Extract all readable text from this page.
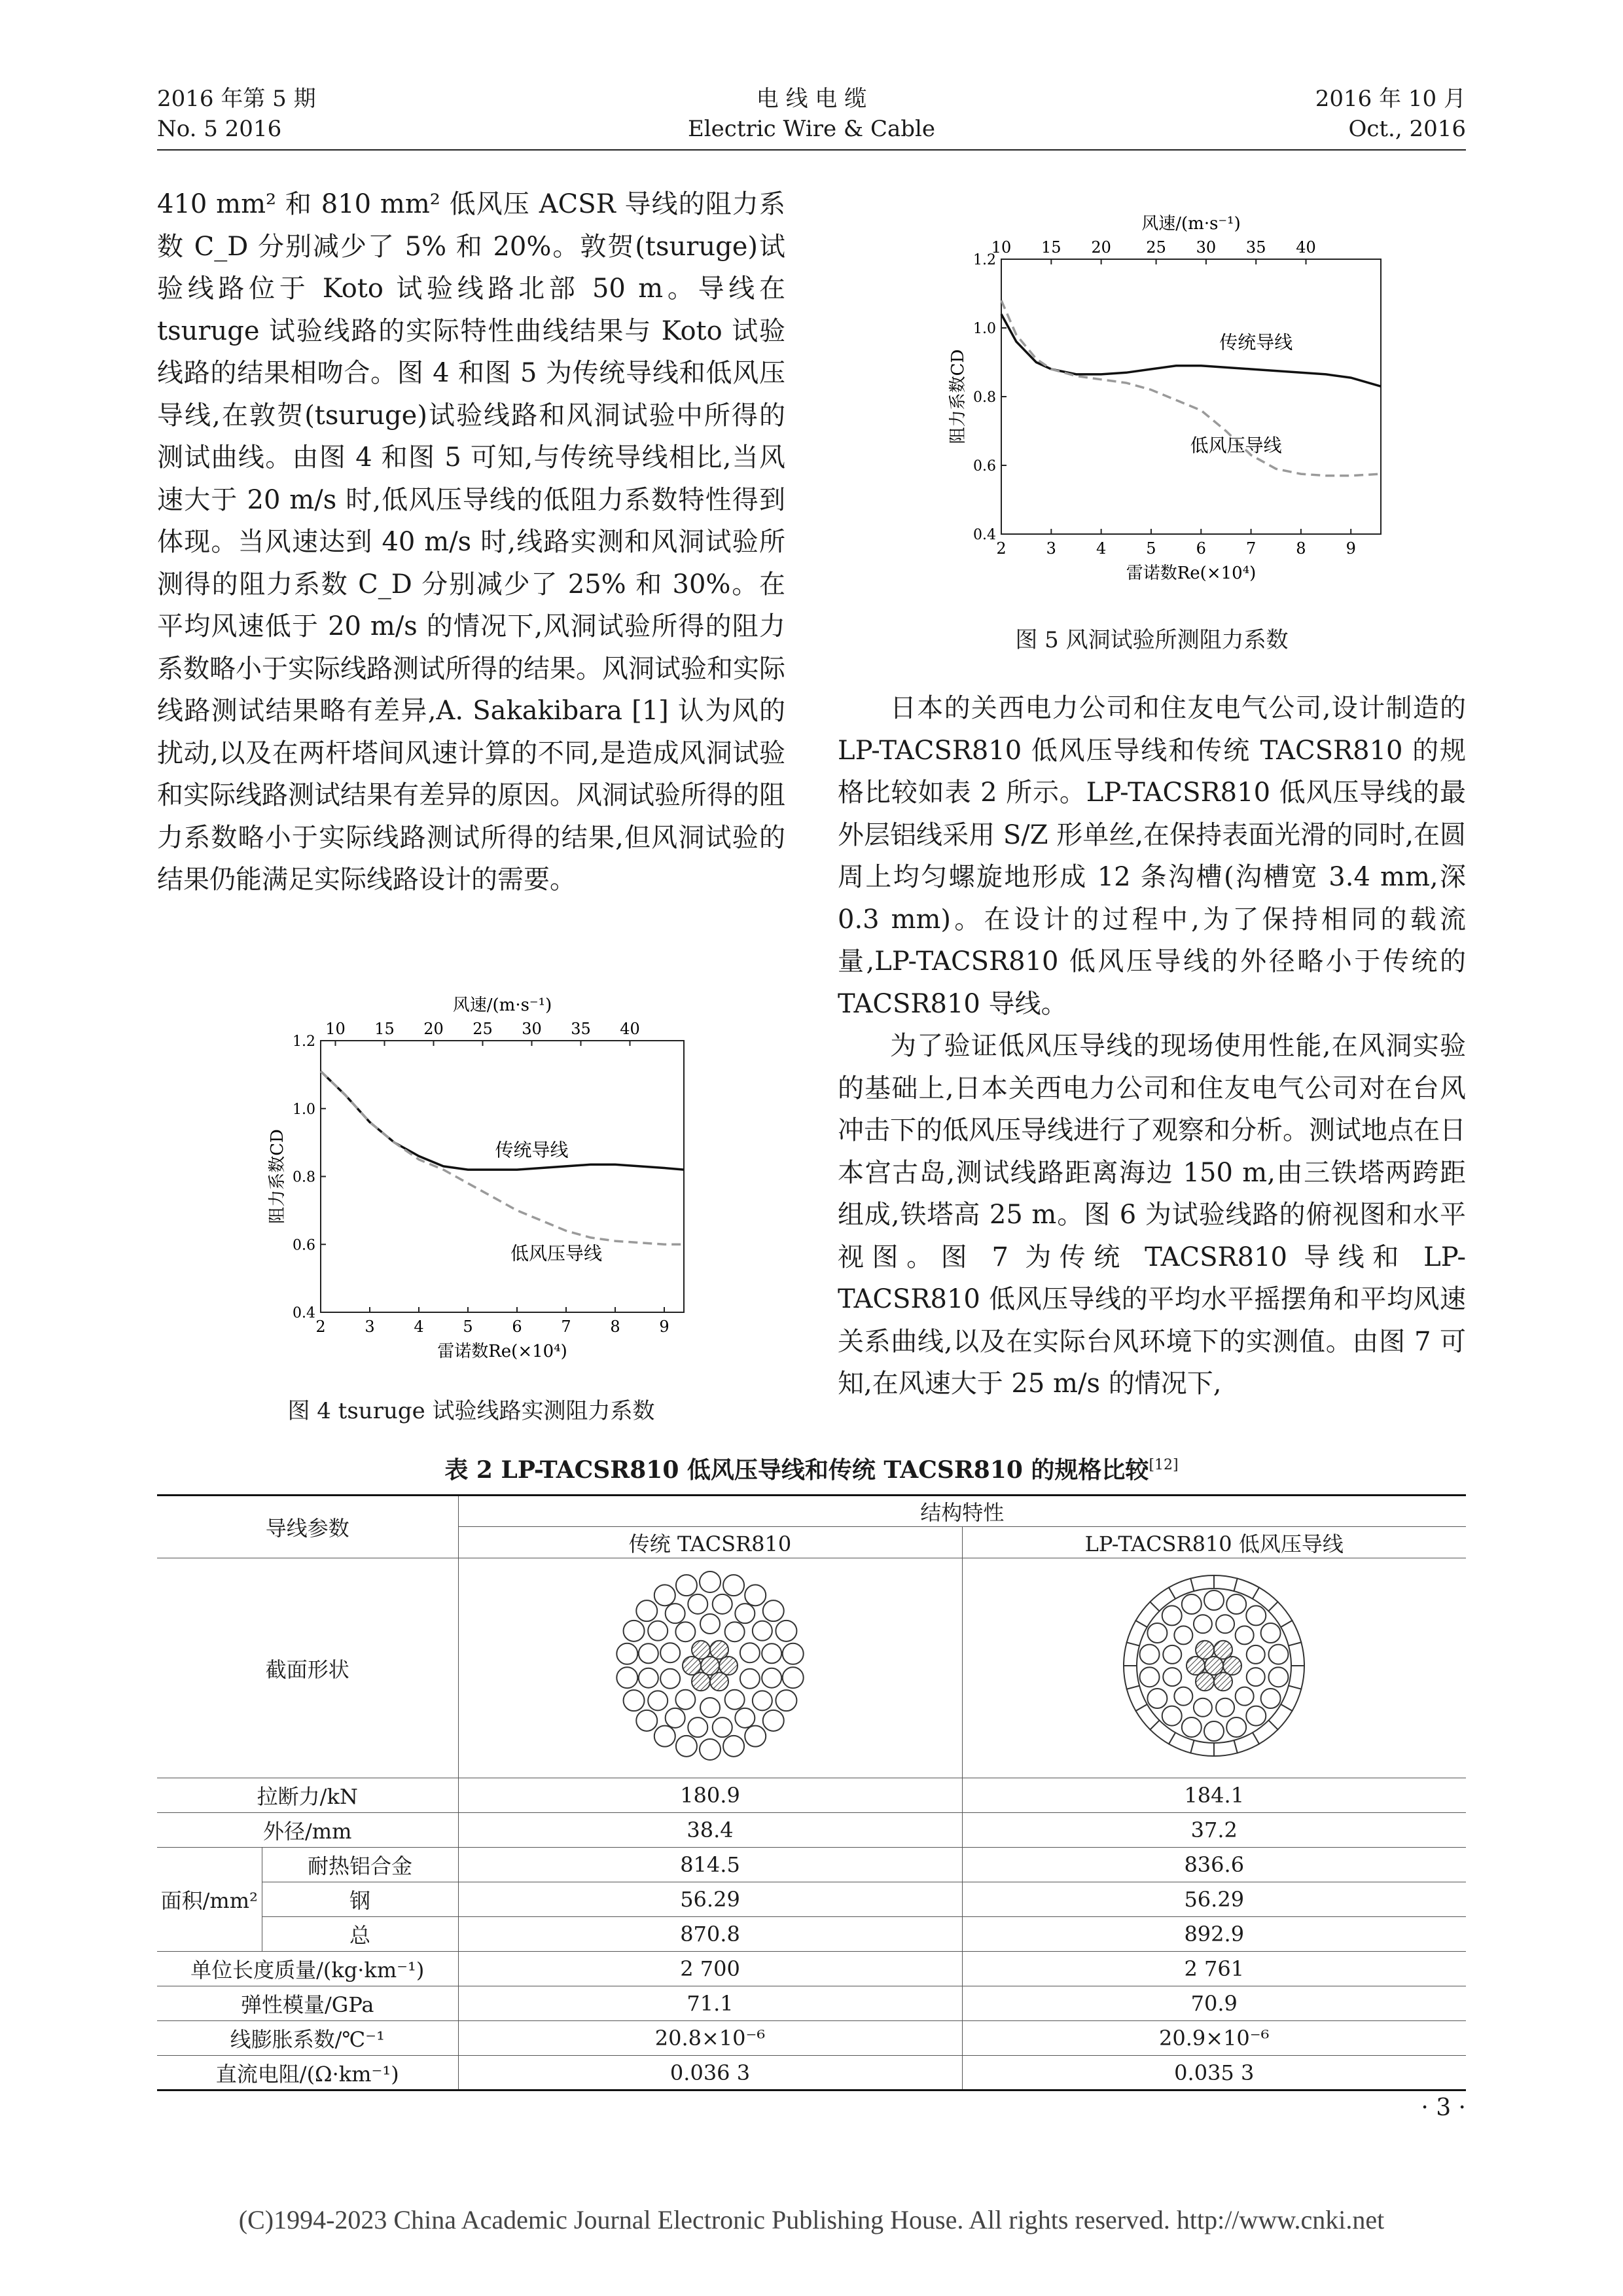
2016 年第 5 期
No. 5 2016
电 线 电 缆
Electric Wire & Cable
2016 年 10 月
Oct., 2016

410 mm² 和 810 mm² 低风压 ACSR 导线的阻力系数 C_D 分别减少了 5% 和 20%。敦贺(tsuruge)试验线路位于 Koto 试验线路北部 50 m。导线在 tsuruge 试验线路的实际特性曲线结果与 Koto 试验线路的结果相吻合。图 4 和图 5 为传统导线和低风压导线,在敦贺(tsuruge)试验线路和风洞试验中所得的测试曲线。由图 4 和图 5 可知,与传统导线相比,当风速大于 20 m/s 时,低风压导线的低阻力系数特性得到体现。当风速达到 40 m/s 时,线路实测和风洞试验所测得的阻力系数 C_D 分别减少了 25% 和 30%。在平均风速低于 20 m/s 的情况下,风洞试验所得的阻力系数略小于实际线路测试所得的结果。风洞试验和实际线路测试结果略有差异,A. Sakakibara [1] 认为风的扰动,以及在两杆塔间风速计算的不同,是造成风洞试验和实际线路测试结果有差异的原因。风洞试验所得的阻力系数略小于实际线路测试所得的结果,但风洞试验的结果仍能满足实际线路设计的需要。

2 3 4 5 6 7 8 9
0.4
0.6
0.8
1.0
1.2
10 15 20 25 30 35 40
风速/(m·s⁻¹)
雷诺数Re(×10⁴)
阻力系数CD	传统导线
低风压导线
图 4 tsuruge 试验线路实测阻力系数
2	3	4	5	6	7	8	9
0.4
0.6
0.8
1.0
1.2
10 15 20 25 30 35 40
风速/(m·s⁻¹)
雷诺数Re(×10⁴)
阻力系数CD
传统导线
低风压导线
图 5 风洞试验所测阻力系数

日本的关西电力公司和住友电气公司,设计制造的 LP-TACSR810 低风压导线和传统 TACSR810 的规格比较如表 2 所示。LP-TACSR810 低风压导线的最外层铝线采用 S/Z 形单丝,在保持表面光滑的同时,在圆周上均匀螺旋地形成 12 条沟槽(沟槽宽 3.4 mm,深 0.3 mm)。在设计的过程中,为了保持相同的载流量,LP-TACSR810 低风压导线的外径略小于传统的 TACSR810 导线。

为了验证低风压导线的现场使用性能,在风洞实验的基础上,日本关西电力公司和住友电气公司对在台风冲击下的低风压导线进行了观察和分析。测试地点在日本宫古岛,测试线路距离海边 150 m,由三铁塔两跨距组成,铁塔高 25 m。图 6 为试验线路的俯视图和水平视图。图 7 为传统 TACSR810 导线和 LP-TACSR810 低风压导线的平均水平摇摆角和平均风速关系曲线,以及在实际台风环境下的实测值。由图 7 可知,在风速大于 25 m/s 的情况下,

表 2 LP-TACSR810 低风压导线和传统 TACSR810 的规格比较[12]
导线参数		结构特性	
		传统 TACSR810	LP-TACSR810 低风压导线
截面形状		
拉断力/kN		180.9	184.1
外径/mm		38.4	37.2
面积/mm²	耐热铝合金	814.5	836.6
	钢	56.29	56.29
	总	870.8	892.9
单位长度质量/(kg·km⁻¹)		2 700	2 761
弹性模量/GPa		71.1	70.9
线膨胀系数/℃⁻¹		20.8×10⁻⁶	20.9×10⁻⁶
直流电阻/(Ω·km⁻¹)		0.036 3	0.035 3
· 3 ·
(C)1994-2023 China Academic Journal Electronic Publishing House. All rights reserved. http://www.cnki.net
